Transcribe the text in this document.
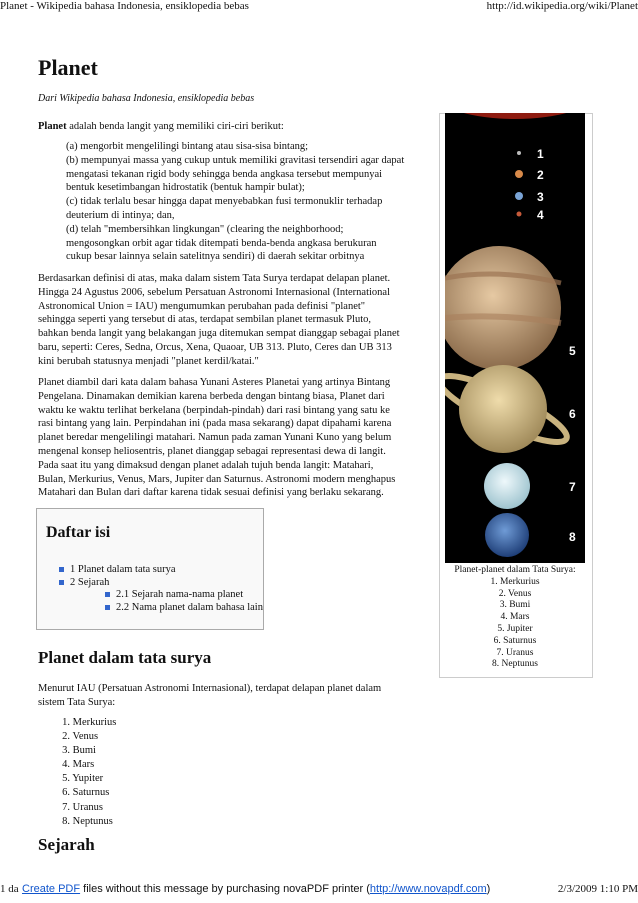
Planet - Wikipedia bahasa Indonesia, ensiklopedia bebas	http://id.wikipedia.org/wiki/Planet
Planet
Dari Wikipedia bahasa Indonesia, ensiklopedia bebas
Planet adalah benda langit yang memiliki ciri-ciri berikut:
(a) mengorbit mengelilingi bintang atau sisa-sisa bintang;
(b) mempunyai massa yang cukup untuk memiliki gravitasi tersendiri agar dapat
mengatasi tekanan rigid body sehingga benda angkasa tersebut mempunyai
bentuk kesetimbangan hidrostatik (bentuk hampir bulat);
(c) tidak terlalu besar hingga dapat menyebabkan fusi termonuklir terhadap
deuterium di intinya; dan,
(d) telah "membersihkan lingkungan" (clearing the neighborhood;
mengosongkan orbit agar tidak ditempati benda-benda angkasa berukuran
cukup besar lainnya selain satelitnya sendiri) di daerah sekitar orbitnya
Berdasarkan definisi di atas, maka dalam sistem Tata Surya terdapat delapan planet.
Hingga 24 Agustus 2006, sebelum Persatuan Astronomi Internasional (International
Astronomical Union = IAU) mengumumkan perubahan pada definisi "planet"
sehingga seperti yang tersebut di atas, terdapat sembilan planet termasuk Pluto,
bahkan benda langit yang belakangan juga ditemukan sempat dianggap sebagai planet
baru, seperti: Ceres, Sedna, Orcus, Xena, Quaoar, UB 313. Pluto, Ceres dan UB 313
kini berubah statusnya menjadi "planet kerdil/katai."
Planet diambil dari kata dalam bahasa Yunani Asteres Planetai yang artinya Bintang
Pengelana. Dinamakan demikian karena berbeda dengan bintang biasa, Planet dari
waktu ke waktu terlihat berkelana (berpindah-pindah) dari rasi bintang yang satu ke
rasi bintang yang lain. Perpindahan ini (pada masa sekarang) dapat dipahami karena
planet beredar mengelilingi matahari. Namun pada zaman Yunani Kuno yang belum
mengenal konsep heliosentris, planet dianggap sebagai representasi dewa di langit.
Pada saat itu yang dimaksud dengan planet adalah tujuh benda langit: Matahari,
Bulan, Merkurius, Venus, Mars, Jupiter dan Saturnus. Astronomi modern menghapus
Matahari dan Bulan dari daftar karena tidak sesuai definisi yang berlaku sekarang.
Daftar isi
1 Planet dalam tata surya
2 Sejarah
2.1 Sejarah nama-nama planet
2.2 Nama planet dalam bahasa lain
Planet dalam tata surya
Menurut IAU (Persatuan Astronomi Internasional), terdapat delapan planet dalam
sistem Tata Surya:
1. Merkurius
2. Venus
3. Bumi
4. Mars
5. Yupiter
6. Saturnus
7. Uranus
8. Neptunus
Sejarah
1
2
3
4
5
6
7
8
Planet-planet dalam Tata Surya:
1. Merkurius
2. Venus
3. Bumi
4. Mars
5. Jupiter
6. Saturnus
7. Uranus
8. Neptunus
1 da Create PDF files without this message by purchasing novaPDF printer (http://www.novapdf.com)	2/3/2009 1:10 PM
